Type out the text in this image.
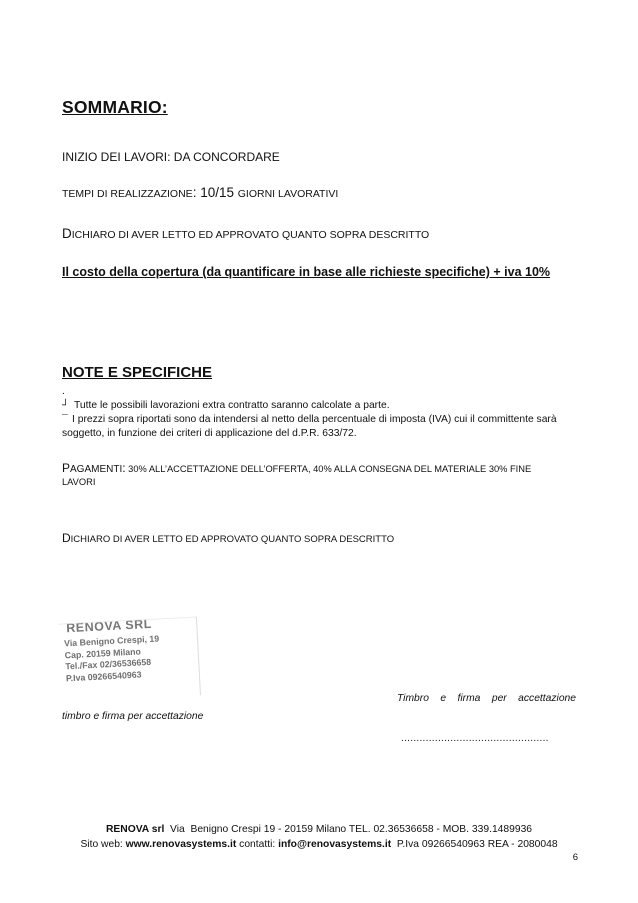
SOMMARIO:
INIZIO DEI LAVORI: DA CONCORDARE
TEMPI DI REALIZZAZIONE: 10/15 GIORNI LAVORATIVI
DICHIARO DI AVER LETTO ED APPROVATO QUANTO SOPRA DESCRITTO
Il costo della copertura (da quantificare in base alle richieste specifiche) + iva 10%
NOTE E SPECIFICHE
.
┘ Tutte le possibili lavorazioni extra contratto saranno calcolate a parte.
¯ I prezzi sopra riportati sono da intendersi al netto della percentuale di imposta (IVA) cui il committente sarà
soggetto, in funzione dei criteri di applicazione del d.P.R. 633/72.
PAGAMENTI: 30% ALL’ACCETTAZIONE DELL’OFFERTA, 40% ALLA CONSEGNA DEL MATERIALE 30% FINE
LAVORI
DICHIARO DI AVER LETTO ED APPROVATO QUANTO SOPRA DESCRITTO
RENOVA SRL
Via Benigno Crespi, 19
Cap. 20159 Milano
Tel./Fax 02/36536658
P.Iva 09266540963
Timbro    e    firma    per    accettazione
timbro e firma per accettazione
................................................
RENOVA srl  Via  Benigno Crespi 19 - 20159 Milano TEL. 02.36536658 - MOB. 339.1489936
Sito web: www.renovasystems.it contatti: info@renovasystems.it  P.Iva 09266540963 REA - 2080048
6
